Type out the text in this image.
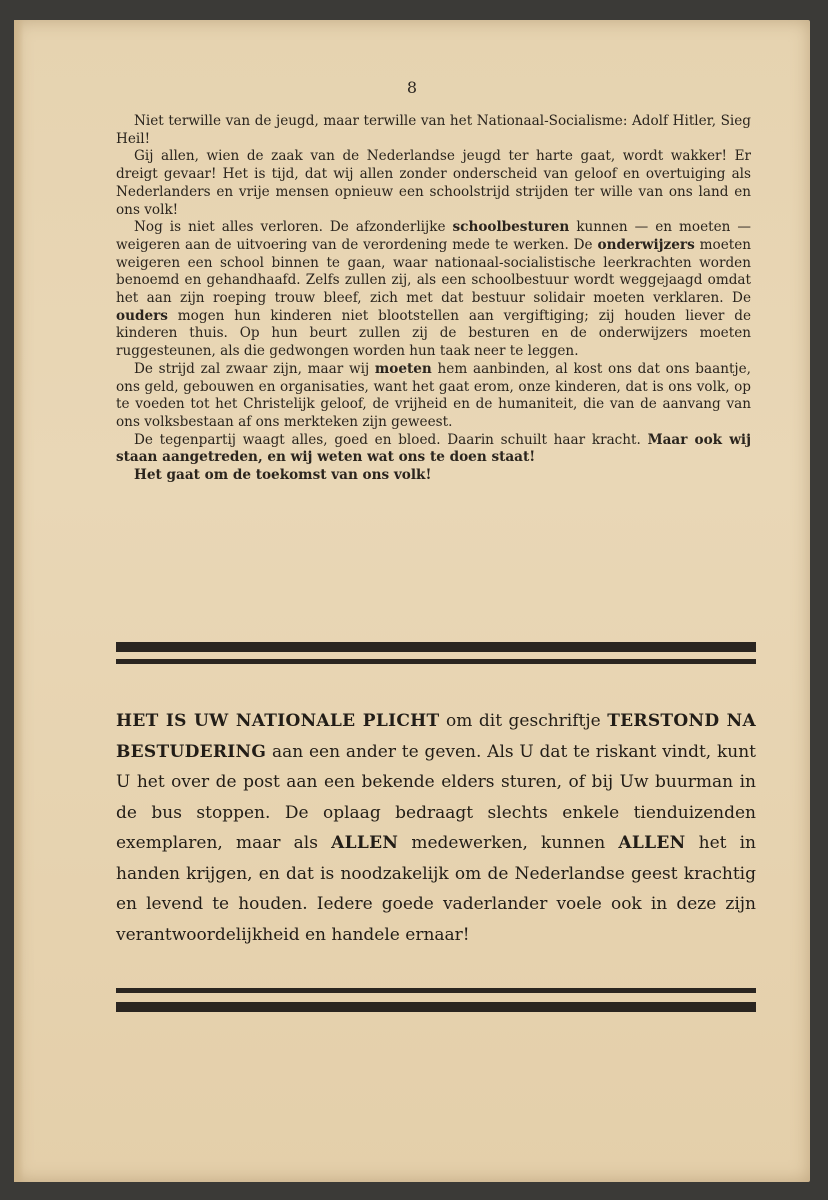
8

Niet terwille van de jeugd, maar terwille van het Nationaal-Socialisme: Adolf Hitler, Sieg Heil!

Gij allen, wien de zaak van de Nederlandse jeugd ter harte gaat, wordt wakker! Er dreigt gevaar! Het is tijd, dat wij allen zonder onderscheid van geloof en overtuiging als Nederlanders en vrije mensen opnieuw een schoolstrijd strijden ter wille van ons land en ons volk!

Nog is niet alles verloren. De afzonderlijke schoolbesturen kunnen — en moeten — weigeren aan de uitvoering van de verordening mede te werken. De onderwijzers moeten weigeren een school binnen te gaan, waar nationaal-socialistische leerkrachten worden benoemd en gehandhaafd. Zelfs zullen zij, als een schoolbestuur wordt weggejaagd omdat het aan zijn roeping trouw bleef, zich met dat bestuur solidair moeten verklaren. De ouders mogen hun kinderen niet blootstellen aan vergiftiging; zij houden liever de kinderen thuis. Op hun beurt zullen zij de besturen en de onderwijzers moeten ruggesteunen, als die gedwongen worden hun taak neer te leggen.

De strijd zal zwaar zijn, maar wij moeten hem aanbinden, al kost ons dat ons baantje, ons geld, gebouwen en organisaties, want het gaat erom, onze kinderen, dat is ons volk, op te voeden tot het Christelijk geloof, de vrijheid en de humaniteit, die van de aanvang van ons volksbestaan af ons merkteken zijn geweest.

De tegenpartij waagt alles, goed en bloed. Daarin schuilt haar kracht. Maar ook wij staan aangetreden, en wij weten wat ons te doen staat!

Het gaat om de toekomst van ons volk!

HET IS UW NATIONALE PLICHT om dit geschriftje TERSTOND NA BESTUDERING aan een ander te geven. Als U dat te riskant vindt, kunt U het over de post aan een bekende elders sturen, of bij Uw buurman in de bus stoppen. De oplaag bedraagt slechts enkele tienduizenden exemplaren, maar als ALLEN medewerken, kunnen ALLEN het in handen krijgen, en dat is noodzakelijk om de Nederlandse geest krachtig en levend te houden. Iedere goede vaderlander voele ook in deze zijn verantwoordelijkheid en handele ernaar!
